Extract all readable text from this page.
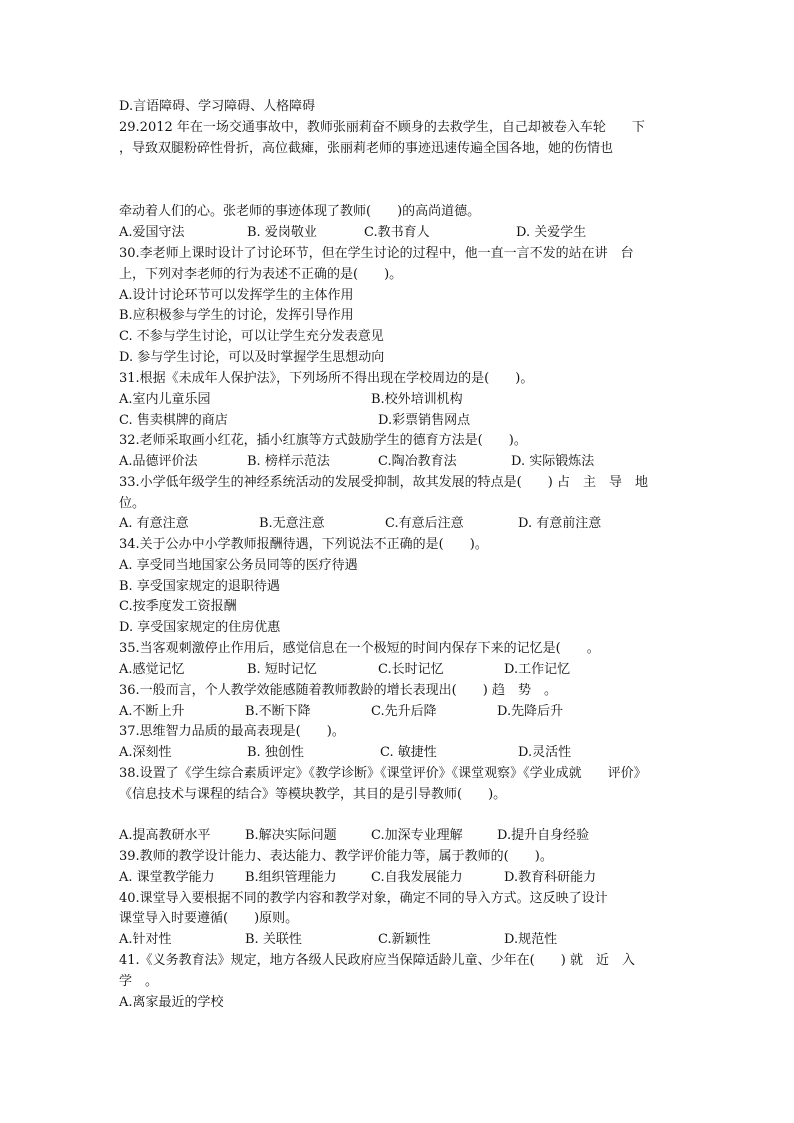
D.言语障碍、学习障碍、人格障碍
29.2012 年在一场交通事故中，教师张丽莉奋不顾身的去救学生，自己却被卷入车轮　　下
，导致双腿粉碎性骨折，高位截瘫，张丽莉老师的事迹迅速传遍全国各地，她的伤情也
牵动着人们的心。张老师的事迹体现了教师(　　)的高尚道德。
A.爱国守法	B. 爱岗敬业	C.教书育人	D. 关爱学生
30.李老师上课时设计了讨论环节，但在学生讨论的过程中，他一直一言不发的站在讲　台
上，下列对李老师的行为表述不正确的是(　　)。
A.设计讨论环节可以发挥学生的主体作用
B.应积极参与学生的讨论，发挥引导作用
C. 不参与学生讨论，可以让学生充分发表意见
D. 参与学生讨论，可以及时掌握学生思想动向
31.根据《未成年人保护法》，下列场所不得出现在学校周边的是(　　)。
A.室内儿童乐园	B.校外培训机构
C. 售卖棋牌的商店	D.彩票销售网点
32.老师采取画小红花，插小红旗等方式鼓励学生的德育方法是(　　)。
A.品德评价法	B. 榜样示范法	C.陶冶教育法	D. 实际锻炼法
33.小学低年级学生的神经系统活动的发展受抑制，故其发展的特点是(　　) 占　主　导　地
位。
A. 有意注意	B.无意注意	C.有意后注意	D. 有意前注意
34.关于公办中小学教师报酬待遇，下列说法不正确的是(　　)。
A. 享受同当地国家公务员同等的医疗待遇
B. 享受国家规定的退职待遇
C.按季度发工资报酬
D. 享受国家规定的住房优惠
35.当客观刺激停止作用后，感觉信息在一个极短的时间内保存下来的记忆是(　　。
A.感觉记忆	B. 短时记忆	C.长时记忆	D.工作记忆
36.一般而言，个人教学效能感随着教师教龄的增长表现出(　　) 趋　势　。
A.不断上升	B.不断下降	C.先升后降	D.先降后升
37.思维智力品质的最高表现是(　　)。
A.深刻性	B. 独创性	C. 敏捷性	D.灵活性
38.设置了《学生综合素质评定》《教学诊断》《课堂评价》《课堂观察》《学业成就　　评价》
《信息技术与课程的结合》等模块教学，其目的是引导教师(　　)。
A.提高教研水平	B.解决实际问题	C.加深专业理解	D.提升自身经验
39.教师的教学设计能力、表达能力、教学评价能力等，属于教师的(　　)。
A. 课堂教学能力 B.组织管理能力	C.自我发展能力	D.教育科研能力
40.课堂导入要根据不同的教学内容和教学对象，确定不同的导入方式。这反映了设计
课堂导入时要遵循(　　)原则。
A.针对性	B. 关联性	C.新颖性	D.规范性
41.《义务教育法》规定，地方各级人民政府应当保障适龄儿童、少年在(　　) 就　近　入
学　。
A.离家最近的学校
